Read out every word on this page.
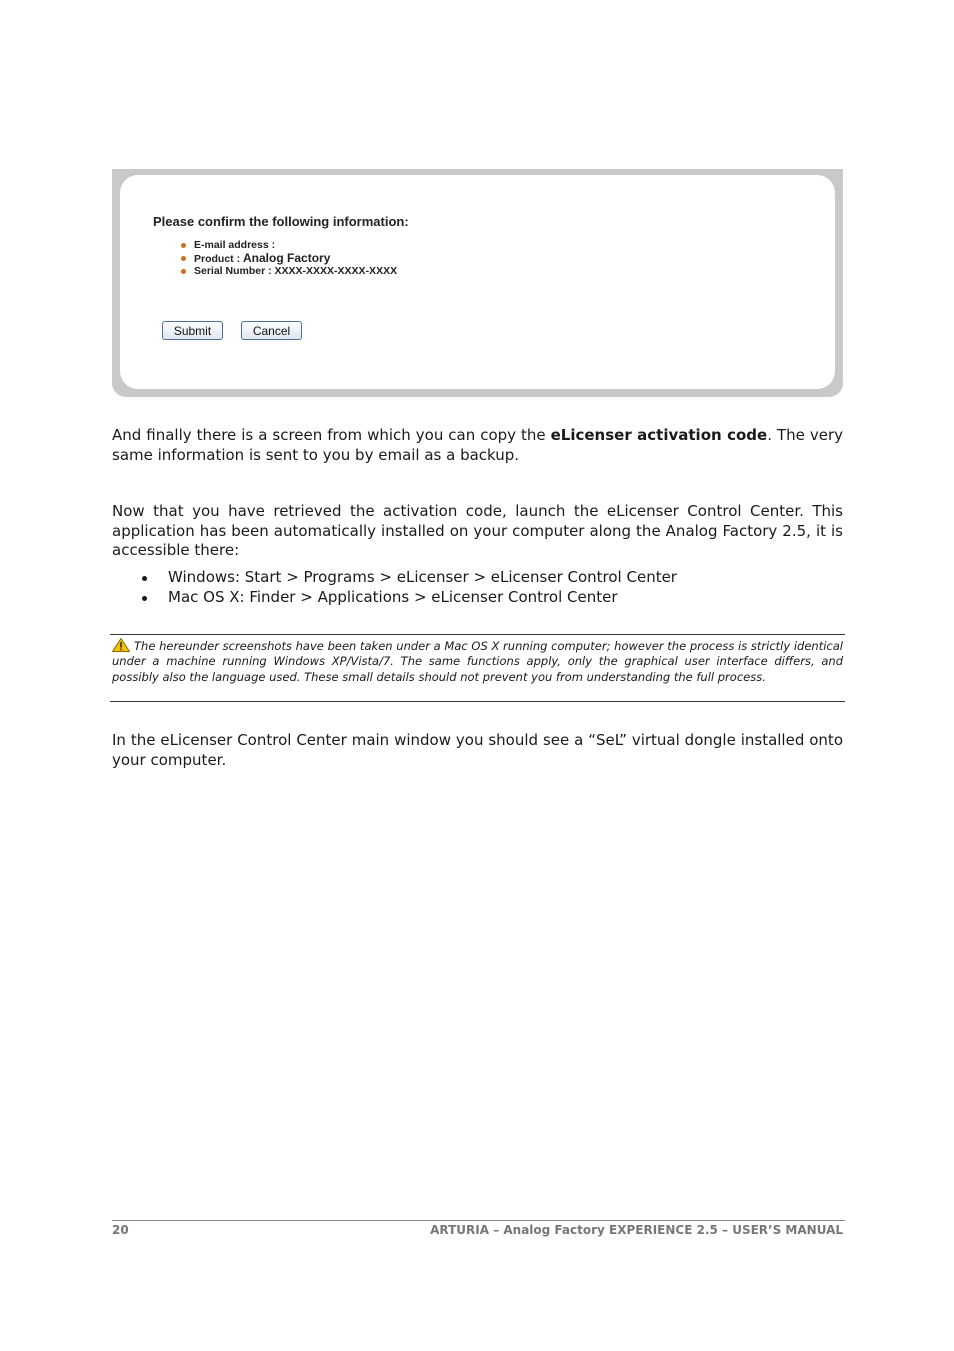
Please confirm the following information:
E-mail address :
Product : Analog Factory
Serial Number : XXXX-XXXX-XXXX-XXXX
Submit	Cancel

And finally there is a screen from which you can copy the eLicenser activation code. The very same information is sent to you by email as a backup.

Now that you have retrieved the activation code, launch the eLicenser Control Center. This application has been automatically installed on your computer along the Analog Factory 2.5, it is accessible there:

Windows: Start > Programs > eLicenser > eLicenser Control Center
Mac OS X: Finder > Applications > eLicenser Control Center

The hereunder screenshots have been taken under a Mac OS X running computer; however the process is strictly identical under a machine running Windows XP/Vista/7. The same functions apply, only the graphical user interface differs, and possibly also the language used. These small details should not prevent you from understanding the full process.

In the eLicenser Control Center main window you should see a “SeL” virtual dongle installed onto your computer.

20	ARTURIA – Analog Factory EXPERIENCE 2.5 – USER’S MANUAL
